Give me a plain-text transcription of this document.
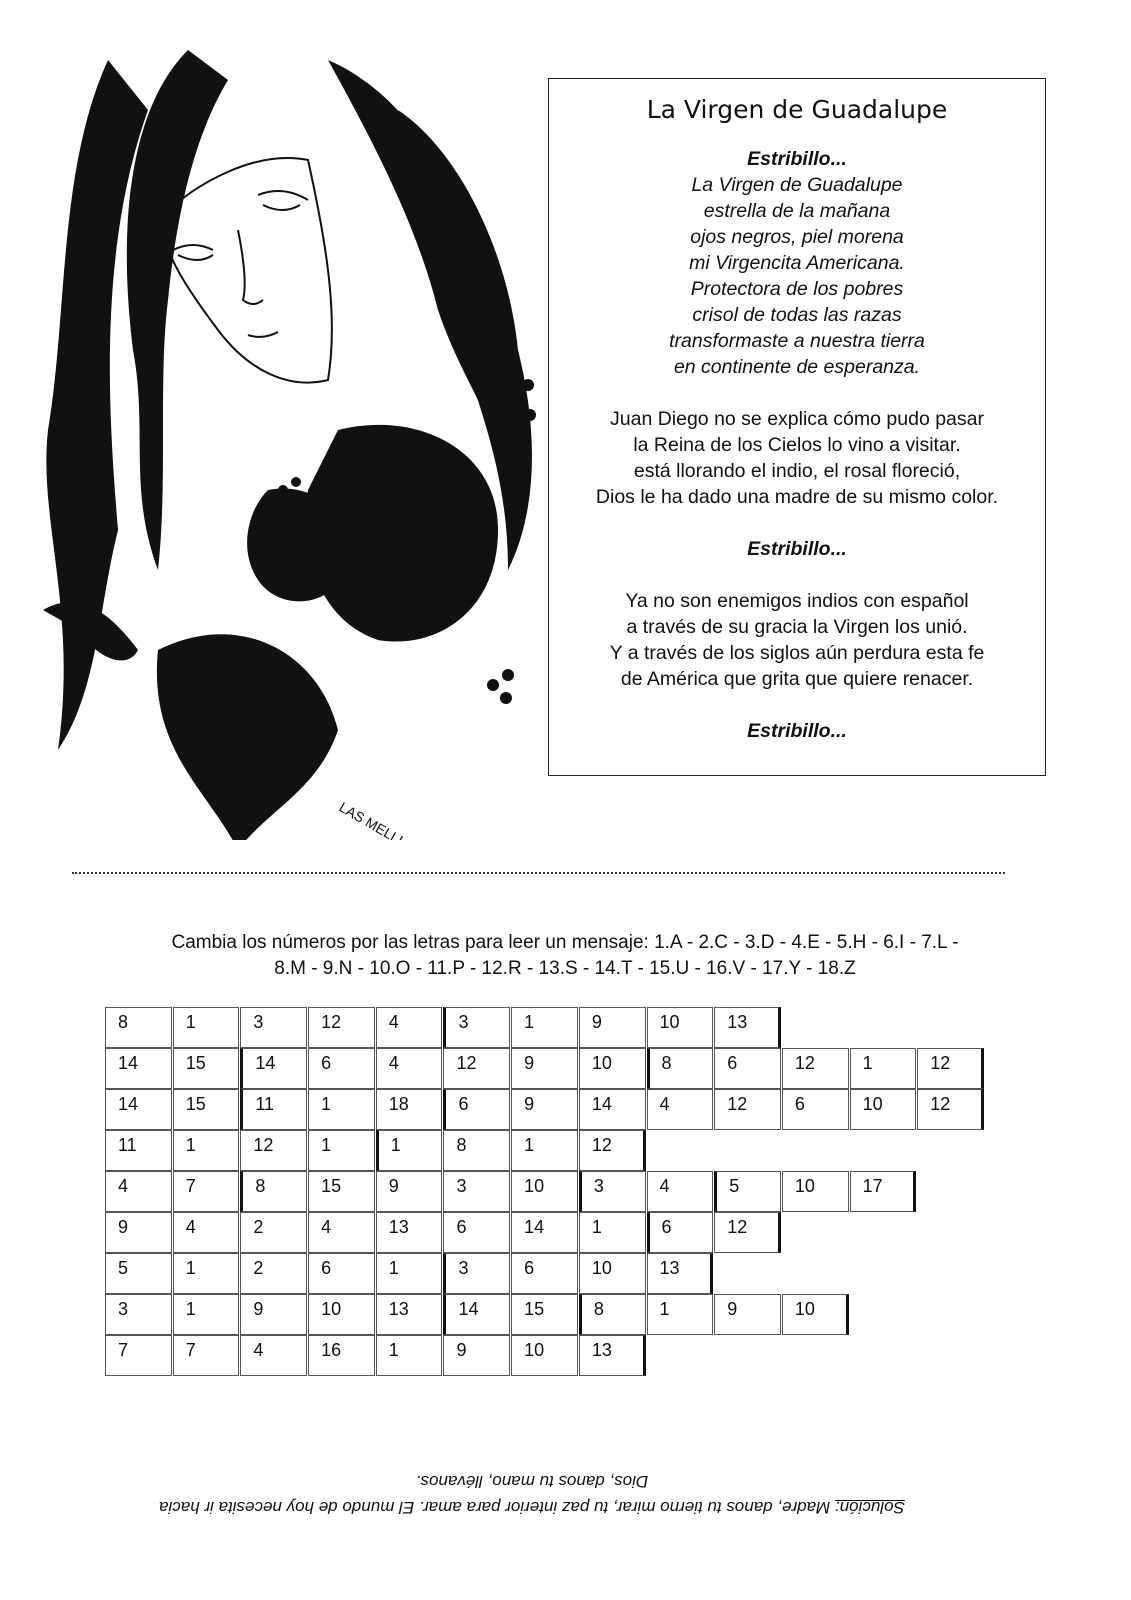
LAS MELLI
La Virgen de Guadalupe
Estribillo...
La Virgen de Guadalupe
estrella de la mañana
ojos negros, piel morena
mi Virgencita Americana.
Protectora de los pobres
crisol de todas las razas
transformaste a nuestra tierra
en continente de esperanza.
Juan Diego no se explica cómo pudo pasar
la Reina de los Cielos lo vino a visitar.
está llorando el indio, el rosal floreció,
Dios le ha dado una madre de su mismo color.
Estribillo...
Ya no son enemigos indios con español
a través de su gracia la Virgen los unió.
Y a través de los siglos aún perdura esta fe
de América que grita que quiere renacer.
Estribillo...
Cambia los números por las letras para leer un mensaje: 1.A - 2.C - 3.D - 4.E - 5.H - 6.I - 7.L -
8.M - 9.N - 10.O - 11.P - 12.R - 13.S - 14.T - 15.U - 16.V - 17.Y - 18.Z
8	1	3	12	4	3	1	9	10	13
14	15	14	6	4	12	9	10	8	6	12	1	12
14	15	11	1	18	6	9	14	4	12	6	10	12
11	1	12	1	1	8	1	12
4	7	8	15	9	3	10	3	4	5	10	17
9	4	2	4	13	6	14	1	6	12
5	1	2	6	1	3	6	10	13
3	1	9	10	13	14	15	8	1	9	10
7	7	4	16	1	9	10	13
Solución: Madre, danos tu tierno mirar, tu paz interior para amar. El mundo de hoy necesita ir hacia
Dios, danos tu mano, llévanos.
